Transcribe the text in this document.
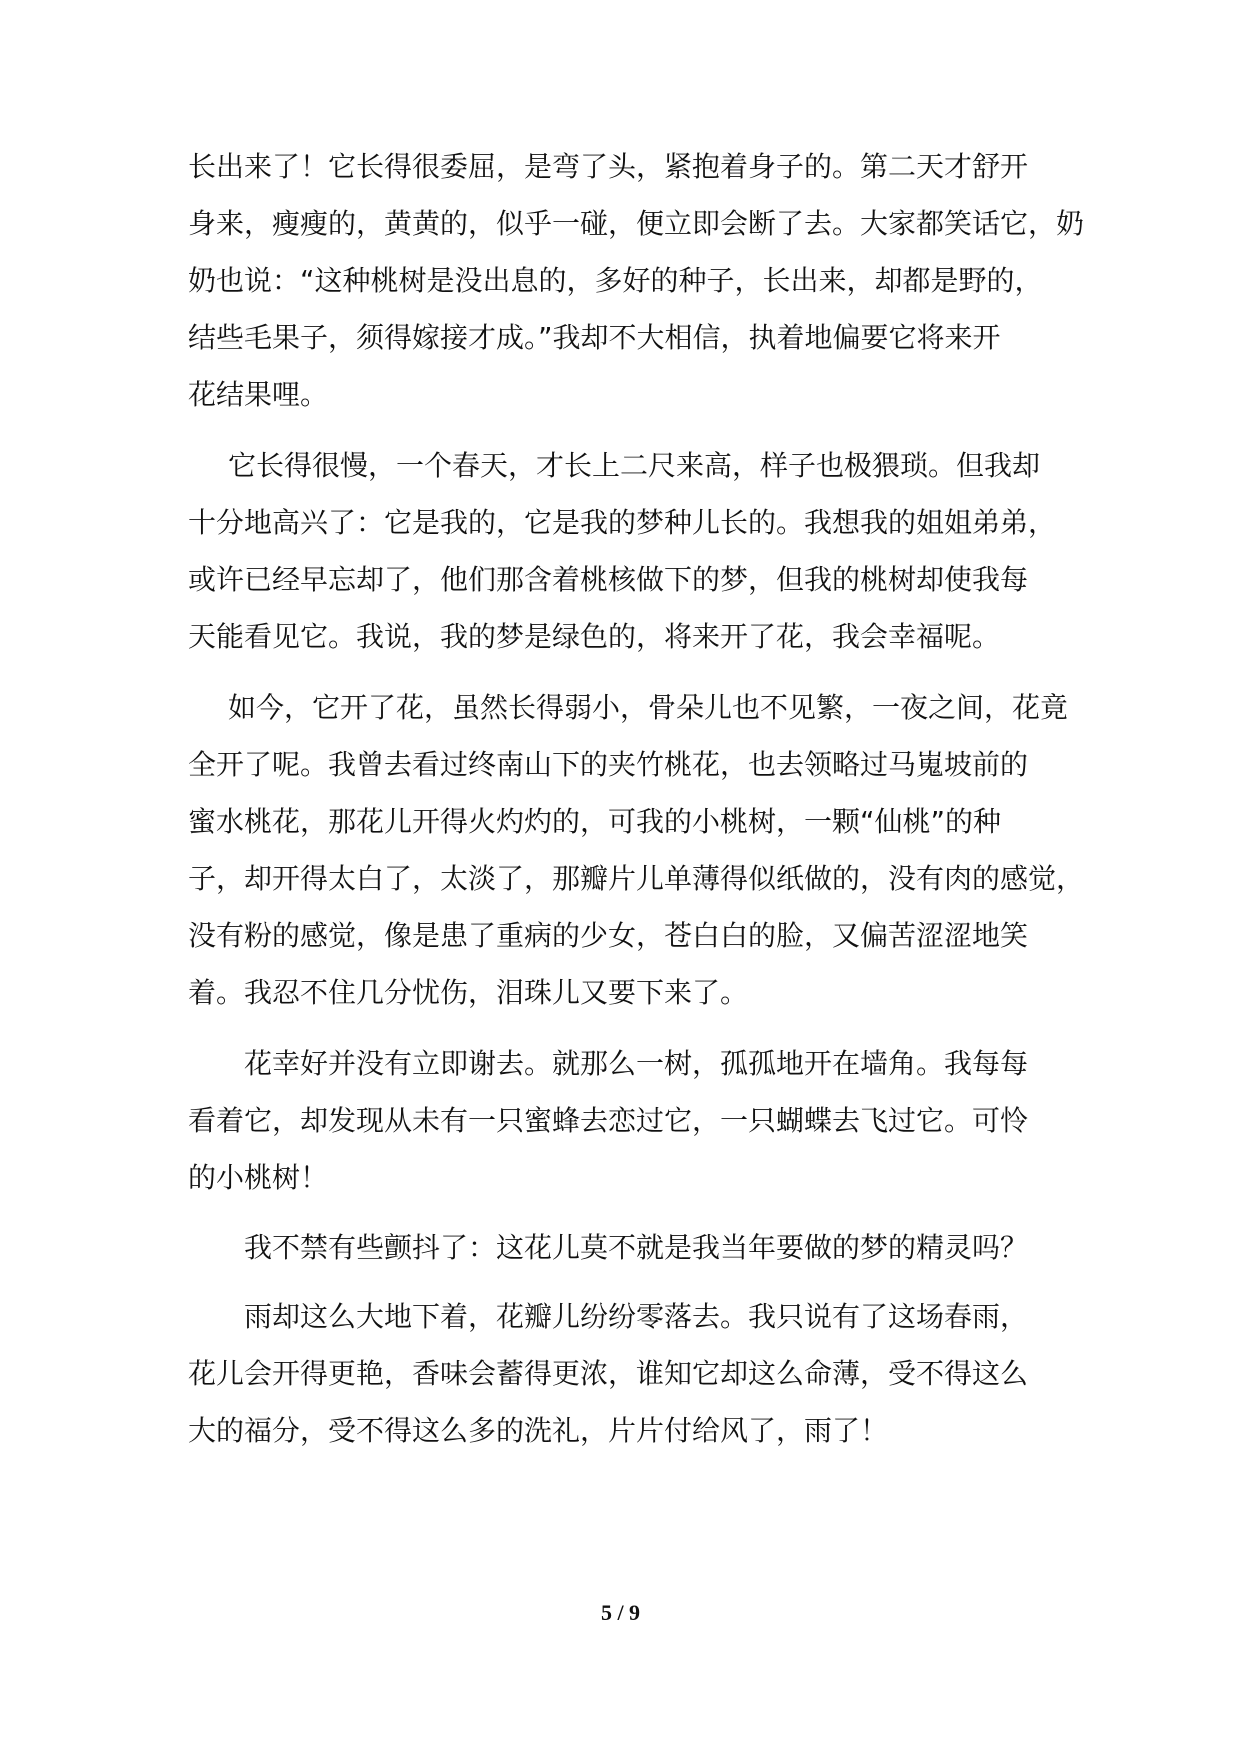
长出来了！它长得很委屈，是弯了头，紧抱着身子的。第二天才舒开
身来，瘦瘦的，黄黄的，似乎一碰，便立即会断了去。大家都笑话它，奶
奶也说：“这种桃树是没出息的，多好的种子，长出来，却都是野的，
结些毛果子，须得嫁接才成。”我却不大相信，执着地偏要它将来开
花结果哩。
它长得很慢，一个春天，才长上二尺来高，样子也极猥琐。但我却
十分地高兴了：它是我的，它是我的梦种儿长的。我想我的姐姐弟弟，
或许已经早忘却了，他们那含着桃核做下的梦，但我的桃树却使我每
天能看见它。我说，我的梦是绿色的，将来开了花，我会幸福呢。
如今，它开了花，虽然长得弱小，骨朵儿也不见繁，一夜之间，花竟
全开了呢。我曾去看过终南山下的夹竹桃花，也去领略过马嵬坡前的
蜜水桃花，那花儿开得火灼灼的，可我的小桃树，一颗“仙桃”的种
子，却开得太白了，太淡了，那瓣片儿单薄得似纸做的，没有肉的感觉，
没有粉的感觉，像是患了重病的少女，苍白白的脸，又偏苦涩涩地笑
着。我忍不住几分忧伤，泪珠儿又要下来了。
花幸好并没有立即谢去。就那么一树，孤孤地开在墙角。我每每
看着它，却发现从未有一只蜜蜂去恋过它，一只蝴蝶去飞过它。可怜
的小桃树！
我不禁有些颤抖了：这花儿莫不就是我当年要做的梦的精灵吗？
雨却这么大地下着，花瓣儿纷纷零落去。我只说有了这场春雨，
花儿会开得更艳，香味会蓄得更浓，谁知它却这么命薄，受不得这么
大的福分，受不得这么多的洗礼，片片付给风了，雨了！
5 / 9
